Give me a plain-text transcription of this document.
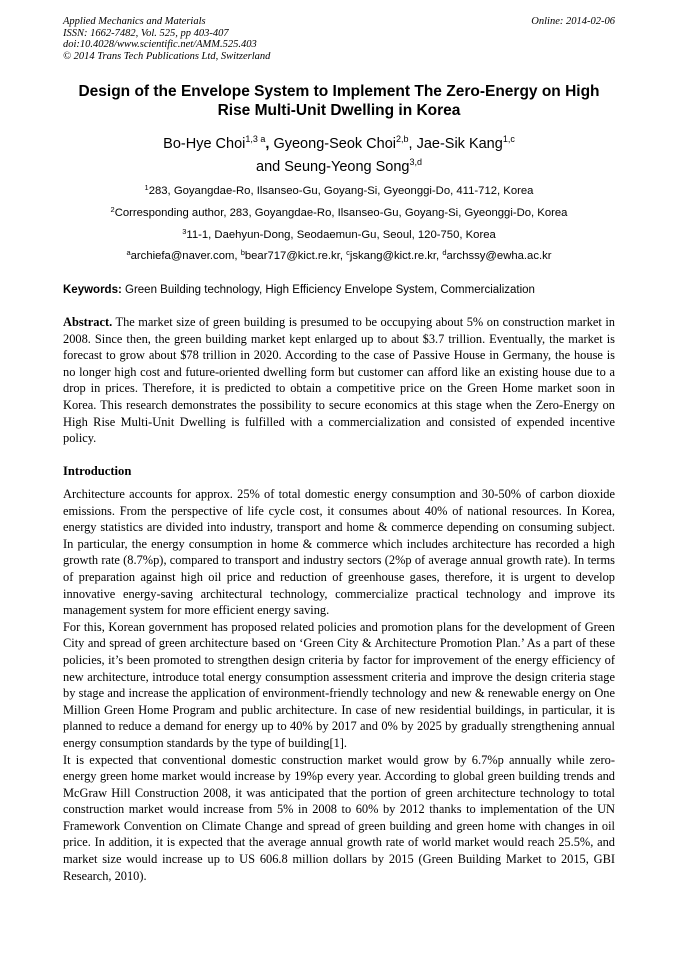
Applied Mechanics and Materials
ISSN: 1662-7482, Vol. 525, pp 403-407
doi:10.4028/www.scientific.net/AMM.525.403
© 2014 Trans Tech Publications Ltd, Switzerland
Online: 2014-02-06
Design of the Envelope System to Implement The Zero-Energy on High Rise Multi-Unit Dwelling in Korea
Bo-Hye Choi$^{1,3 a}$, Gyeong-Seok Choi$^{2,b}$, Jae-Sik Kang$^{1,c}$
and Seung-Yeong Song$^{3,d}$
$^1$283, Goyangdae-Ro, Ilsanseo-Gu, Goyang-Si, Gyeonggi-Do, 411-712, Korea
$^2$Corresponding author, 283, Goyangdae-Ro, Ilsanseo-Gu, Goyang-Si, Gyeonggi-Do, Korea
$^3$11-1, Daehyun-Dong, Seodaemun-Gu, Seoul, 120-750, Korea
$^a$archiefa@naver.com, $^b$bear717@kict.re.kr, $^c$jskang@kict.re.kr, $^d$archssy@ewha.ac.kr
Keywords: Green Building technology, High Efficiency Envelope System, Commercialization
Abstract. The market size of green building is presumed to be occupying about 5% on construction market in 2008. Since then, the green building market kept enlarged up to about $3.7 trillion. Eventually, the market is forecast to grow about $78 trillion in 2020. According to the case of Passive House in Germany, the house is no longer high cost and future-oriented dwelling form but customer can afford like an existing house due to a drop in prices. Therefore, it is predicted to obtain a competitive price on the Green Home market soon in Korea. This research demonstrates the possibility to secure economics at this stage when the Zero-Energy on High Rise Multi-Unit Dwelling is fulfilled with a commercialization and consisted of expended incentive policy.
Introduction

Architecture accounts for approx. 25% of total domestic energy consumption and 30-50% of carbon dioxide emissions. From the perspective of life cycle cost, it consumes about 40% of national resources. In Korea, energy statistics are divided into industry, transport and home & commerce depending on consuming subject. In particular, the energy consumption in home & commerce which includes architecture has recorded a high growth rate (8.7%p), compared to transport and industry sectors (2%p of average annual growth rate). In terms of preparation against high oil price and reduction of greenhouse gases, therefore, it is urgent to develop innovative energy-saving architectural technology, commercialize practical technology and improve its management system for more efficient energy saving.

For this, Korean government has proposed related policies and promotion plans for the development of Green City and spread of green architecture based on ‘Green City & Architecture Promotion Plan.’ As a part of these policies, it’s been promoted to strengthen design criteria by factor for improvement of the energy efficiency of new architecture, introduce total energy consumption assessment criteria and improve the design criteria stage by stage and increase the application of environment-friendly technology and new & renewable energy on One Million Green Home Program and public architecture. In case of new residential buildings, in particular, it is planned to reduce a demand for energy up to 40% by 2017 and 0% by 2025 by gradually strengthening annual energy consumption standards by the type of building[1].

It is expected that conventional domestic construction market would grow by 6.7%p annually while zero-energy green home market would increase by 19%p every year. According to global green building trends and McGraw Hill Construction 2008, it was anticipated that the portion of green architecture technology to total construction market would increase from 5% in 2008 to 60% by 2012 thanks to implementation of the UN Framework Convention on Climate Change and spread of green building and green home with changes in oil price. In addition, it is expected that the average annual growth rate of world market would reach 25.5%, and market size would increase up to US 606.8 million dollars by 2015 (Green Building Market to 2015, GBI Research, 2010).
